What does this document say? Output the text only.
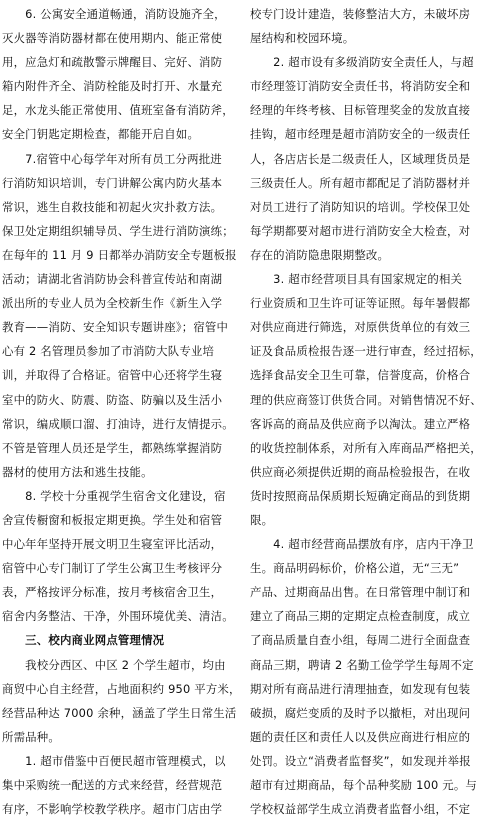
　　6. 公寓安全通道畅通，消防设施齐全，
灭火器等消防器材都在使用期内、能正常使
用，应急灯和疏散警示牌醒目、完好、消防
箱内附件齐全、消防栓能及时打开、水量充
足，水龙头能正常使用、值班室备有消防斧，
安全门钥匙定期检查，都能开启自如。
　　7.宿管中心每学年对所有员工分两批进
行消防知识培训，专门讲解公寓内防火基本
常识，逃生自救技能和初起火灾扑救方法。
保卫处定期组织辅导员、学生进行消防演练；
在每年的 11 月 9 日都举办消防安全专题板报
活动；请湖北省消防协会科普宣传站和南湖
派出所的专业人员为全校新生作《新生入学
教育——消防、安全知识专题讲座》；宿管中
心有 2 名管理员参加了市消防大队专业培
训，并取得了合格证。宿管中心还将学生寝
室中的防火、防震、防盗、防骗以及生活小
常识，编成顺口溜、打油诗，进行友情提示。
不管是管理人员还是学生，都熟练掌握消防
器材的使用方法和逃生技能。
　　8. 学校十分重视学生宿舍文化建设，宿
舍宣传橱窗和板报定期更换。学生处和宿管
中心年年坚持开展文明卫生寝室评比活动，
宿管中心专门制订了学生公寓卫生考核评分
表，严格按评分标准，按月考核宿舍卫生，
宿舍内务整洁、干净，外围环境优美、清洁。
　　三、校内商业网点管理情况
　　我校分西区、中区 2 个学生超市，均由
商贸中心自主经营，占地面积约 950 平方米，
经营品种达 7000 余种，涵盖了学生日常生活
所需品种。
　　1. 超市借鉴中百便民超市管理模式，以
集中采购统一配送的方式来经营，经营规范
有序，不影响学校教学秩序。超市门店由学
校专门设计建造，装修整洁大方，未破坏房
屋结构和校园环境。
　　2. 超市设有多级消防安全责任人，与超
市经理签订消防安全责任书，将消防安全和
经理的年终考核、目标管理奖金的发放直接
挂钩，超市经理是超市消防安全的一级责任
人，各店店长是二级责任人，区域理货员是
三级责任人。所有超市都配足了消防器材并
对员工进行了消防知识的培训。学校保卫处
每学期都要对超市进行消防安全大检查，对
存在的消防隐患限期整改。
　　3. 超市经营项目具有国家规定的相关
行业资质和卫生许可证等证照。每年暑假都
对供应商进行筛选，对原供货单位的有效三
证及食品质检报告逐一进行审查，经过招标，
选择食品安全卫生可靠，信誉度高，价格合
理的供应商签订供货合同。对销售情况不好、
客诉高的商品及供应商予以淘汰。建立严格
的收货控制体系，对所有入库商品严格把关，
供应商必须提供近期的商品检验报告，在收
货时按照商品保质期长短确定商品的到货期
限。
　　4. 超市经营商品摆放有序，店内干净卫
生。商品明码标价，价格公道，无“三无”
产品、过期商品出售。在日常管理中制订和
建立了商品三期的定期定点检查制度，成立
了商品质量自查小组，每周二进行全面盘查
商品三期，聘请 2 名勤工俭学学生每周不定
期对所有商品进行清理抽查，如发现有包装
破损，腐烂变质的及时予以撤柜，对出现问
题的责任区和责任人以及供应商进行相应的
处罚。设立“消费者监督奖”，如发现并举报
超市有过期商品，每个品种奖励 100 元。与
学校权益部学生成立消费者监督小组，不定
